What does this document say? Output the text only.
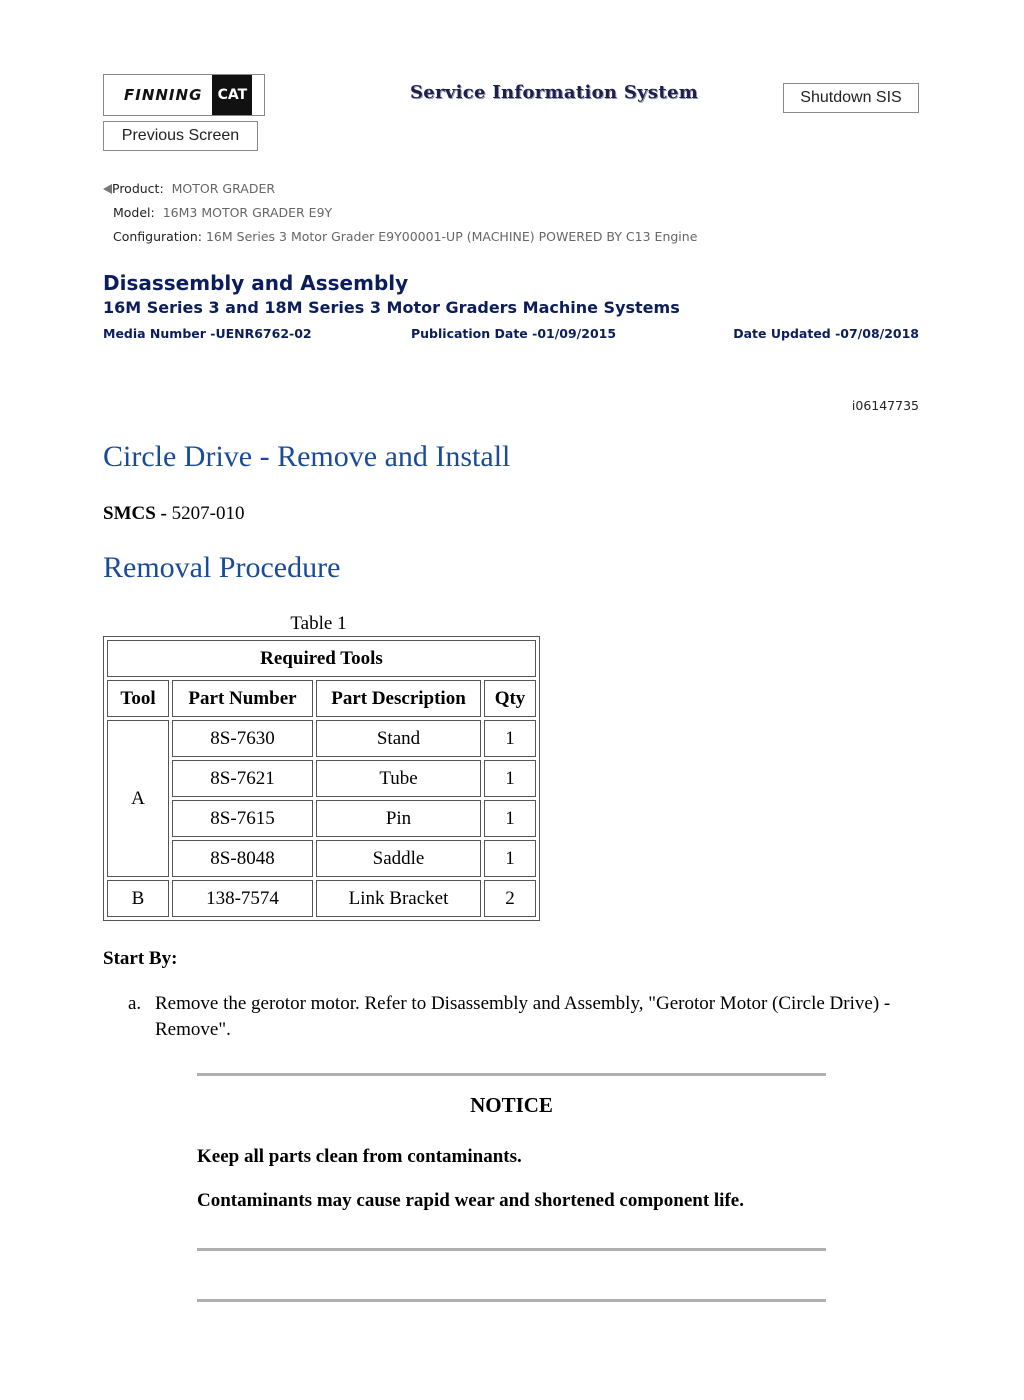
FINNING	CAT	Service Information System	Shutdown SIS
Previous Screen
Product: MOTOR GRADER
Model: 16M3 MOTOR GRADER E9Y
Configuration: 16M Series 3 Motor Grader E9Y00001-UP (MACHINE) POWERED BY C13 Engine
Disassembly and Assembly
16M Series 3 and 18M Series 3 Motor Graders Machine Systems
Media Number -UENR6762-02	Publication Date -01/09/2015	Date Updated -07/08/2018
i06147735
Circle Drive - Remove and Install
SMCS - 5207-010
Removal Procedure
Table 1
Required Tools			
Tool	Part Number	Part Description	Qty
A	8S-7630	Stand	1
	8S-7621	Tube	1
	8S-7615	Pin	1
	8S-8048	Saddle	1
B	138-7574	Link Bracket	2
Start By:
a. Remove the gerotor motor. Refer to Disassembly and Assembly, "Gerotor Motor (Circle Drive) - Remove".
NOTICE
Keep all parts clean from contaminants.
Contaminants may cause rapid wear and shortened component life.
